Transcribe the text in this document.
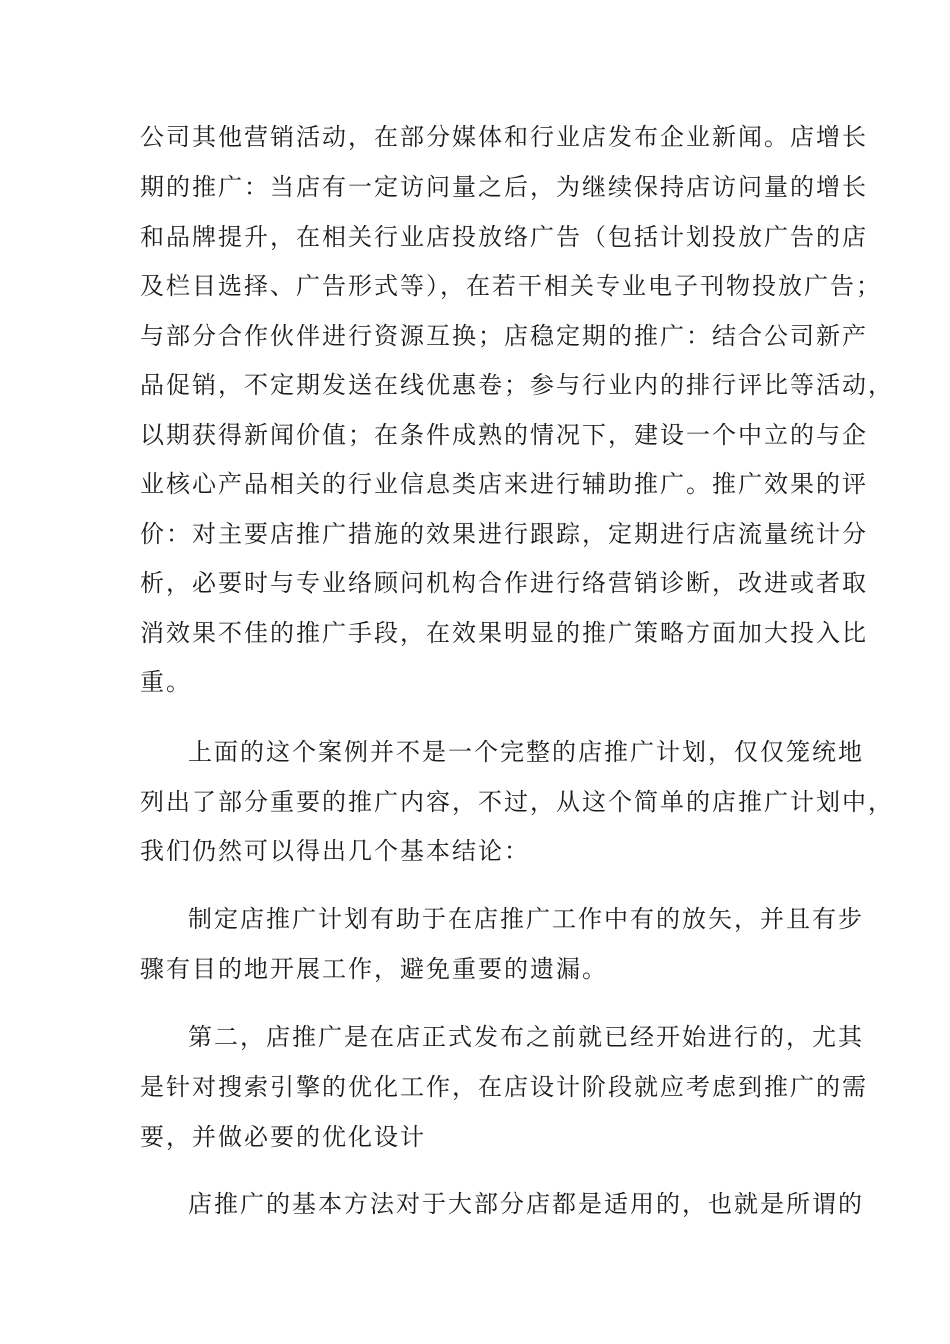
公司其他营销活动，在部分媒体和行业店发布企业新闻。店增长
期的推广：当店有一定访问量之后，为继续保持店访问量的增长
和品牌提升，在相关行业店投放络广告（包括计划投放广告的店
及栏目选择、广告形式等），在若干相关专业电子刊物投放广告；
与部分合作伙伴进行资源互换；店稳定期的推广：结合公司新产
品促销，不定期发送在线优惠卷；参与行业内的排行评比等活动，
以期获得新闻价值；在条件成熟的情况下，建设一个中立的与企
业核心产品相关的行业信息类店来进行辅助推广。推广效果的评
价：对主要店推广措施的效果进行跟踪，定期进行店流量统计分
析，必要时与专业络顾问机构合作进行络营销诊断，改进或者取
消效果不佳的推广手段，在效果明显的推广策略方面加大投入比
重。
上面的这个案例并不是一个完整的店推广计划，仅仅笼统地
列出了部分重要的推广内容，不过，从这个简单的店推广计划中，
我们仍然可以得出几个基本结论：
制定店推广计划有助于在店推广工作中有的放矢，并且有步
骤有目的地开展工作，避免重要的遗漏。
第二，店推广是在店正式发布之前就已经开始进行的，尤其
是针对搜索引擎的优化工作，在店设计阶段就应考虑到推广的需
要，并做必要的优化设计
店推广的基本方法对于大部分店都是适用的，也就是所谓的
